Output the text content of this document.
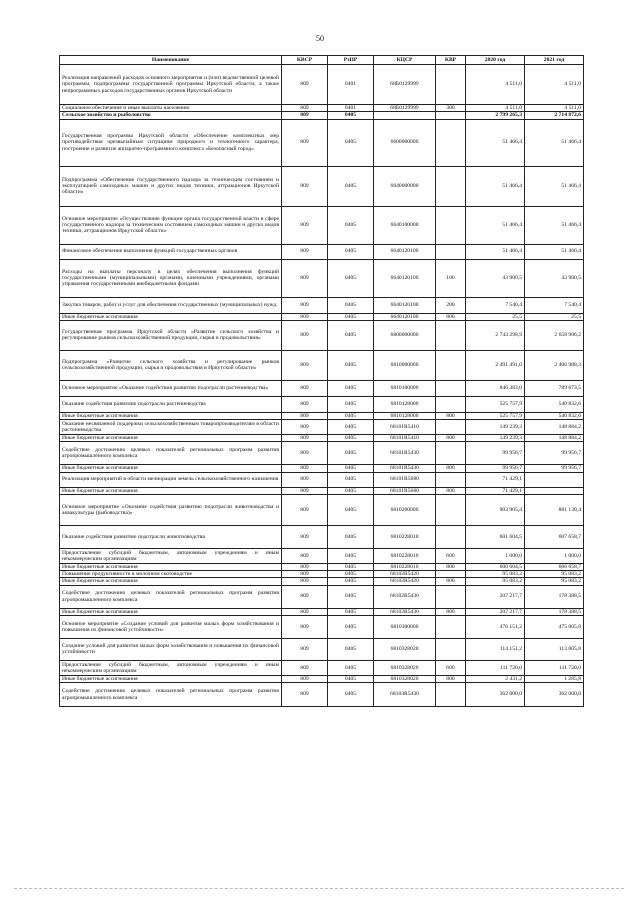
50
Наименование	КВСР	РзПР	КЦСР	КВР	2020 год	2021 год
Реализация направлений расходов основного мероприятия и (или) ведомственной целевой программы, подпрограммы государственной программы Иркутской области, а также непрограммных расходов государственных органов Иркутской области	809	0401	68Б0129999		4 511,0	4 511,0
Социальное обеспечение и иные выплаты населению	809	0401	68Б0129999	300	4 511,0	4 511,0
Сельское хозяйство и рыболовство	809	0405			2 799 265,3	2 714 872,6
Государственная программа Иркутской области «Обеспечение комплексных мер противодействия чрезвычайным ситуациям природного и техногенного характера, построение и развитие аппаратно-программного комплекса «Безопасный город»	809	0405	6600000000		51 466,4	51 466,4
Подпрограмма «Обеспечение государственного надзора за техническим состоянием и эксплуатацией самоходных машин и других видов техники, аттракционов Иркутской области»	809	0405	6640000000		51 466,4	51 466,4
Основное мероприятие «Осуществление функции органа государственной власти в сфере государственного надзора за техническим состоянием самоходных машин и других видов техники, аттракционов Иркутской области»	809	0405	6640100000		51 466,4	51 466,4
Финансовое обеспечение выполнения функций государственных органов	809	0405	6640120100		51 466,4	51 466,4
Расходы на выплаты персоналу в целях обеспечения выполнения функций государственными (муниципальными) органами, казенными учреждениями, органами управления государственными внебюджетными фондами	809	0405	6640120100	100	43 900,5	43 900,5
Закупка товаров, работ и услуг для обеспечения государственных (муниципальных) нужд	809	0405	6640120100	200	7 540,4	7 540,4
Иные бюджетные ассигнования	809	0405	6640120100	800	25,5	25,5
Государственная программа Иркутской области «Развитие сельского хозяйства и регулирование рынков сельскохозяйственной продукции, сырья и продовольствия»	809	0405	6800000000		2 743 298,9	2 658 906,2
Подпрограмма «Развитие сельского хозяйства и регулирование рынков сельскохозяйственной продукции, сырья и продовольствия в Иркутской области»	809	0405	6810000000		2 491 491,0	2 406 988,3
Основное мероприятие «Оказание содействия развитию подотрасли растениеводства»	809	0405	6810100000		846 383,0	789 673,5
Оказание содействия развитию подотрасли растениеводства	809	0405	6810128000		525 757,9	540 832,6
Иные бюджетные ассигнования	809	0405	6810128000	800	525 757,9	540 832,6
Оказание несвязанной поддержки сельскохозяйственным товаропроизводителям в области растениеводства	809	0405	68101R5410		149 239,3	148 884,2
Иные бюджетные ассигнования	809	0405	68101R5410	800	149 239,3	148 884,2
Содействие достижению целевых показателей региональных программ развития агропромышленного комплекса	809	0405	68101R5430		99 956,7	99 956,7
Иные бюджетные ассигнования	809	0405	68101R5430	800	99 956,7	99 956,7
Реализация мероприятий в области мелиорации земель сельскохозяйственного назначения	809	0405	68101R5680		71 429,1	
Иные бюджетные ассигнования	809	0405	68101R5680	800	71 429,1	
Основное мероприятие «Оказание содействия развитию подотрасли животноводства и аквакультуры (рыбоводства)»	809	0405	6810200000		903 905,4	881 130,4
Оказание содействия развитию подотрасли животноводства	809	0405	6810228010		601 604,5	607 658,7
Предоставление субсидий бюджетным, автономным учреждениям и иным некоммерческим организациям	809	0405	6810228010	600	1 000,0	1 000,0
Иные бюджетные ассигнования	809	0405	6810228010	800	600 604,5	606 658,7
Повышение продуктивности в молочном скотоводстве	809	0405	68102R5420		95 083,2	95 083,2
Иные бюджетные ассигнования	809	0405	68102R5420	800	95 083,2	95 083,2
Содействие достижению целевых показателей региональных программ развития агропромышленного комплекса	809	0405	68102R5430		207 217,7	178 388,5
Иные бюджетные ассигнования	809	0405	68102R5430	800	207 217,7	178 388,5
Основное мероприятие «Создание условий для развития малых форм хозяйствования и повышения их финансовой устойчивости»	809	0405	6810300000		476 151,2	475 005,8
Создание условий для развития малых форм хозяйствования и повышения их финансовой устойчивости	809	0405	6810328020		114 151,2	113 005,8
Предоставление субсидий бюджетным, автономным учреждениям и иным некоммерческим организациям	809	0405	6810328020	600	111 720,0	111 720,0
Иные бюджетные ассигнования	809	0405	6810328020	800	2 431,2	1 285,8
Содействие достижению целевых показателей региональных программ развития агропромышленного комплекса	809	0405	68103R5430		362 000,0	362 000,0
